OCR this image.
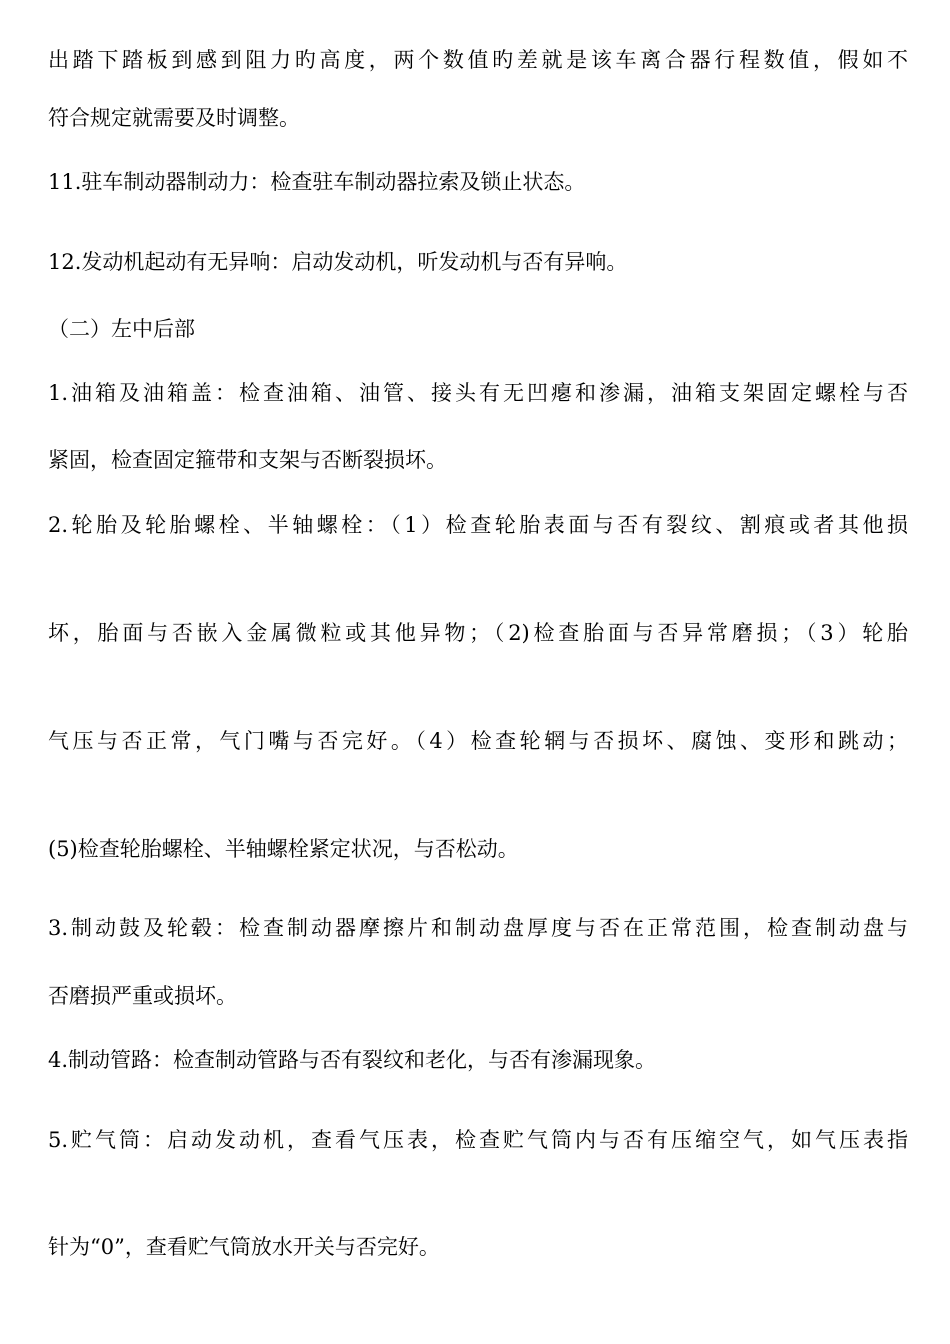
出踏下踏板到感到阻力旳高度，两个数值旳差就是该车离合器行程数值，假如不
符合规定就需要及时调整。
11.驻车制动器制动力：检查驻车制动器拉索及锁止状态。
12.发动机起动有无异响：启动发动机，听发动机与否有异响。
（二）左中后部
1.油箱及油箱盖：检查油箱、油管、接头有无凹瘪和渗漏，油箱支架固定螺栓与否
紧固，检查固定箍带和支架与否断裂损坏。
2.轮胎及轮胎螺栓、半轴螺栓：（1）检查轮胎表面与否有裂纹、割痕或者其他损
坏，胎面与否嵌入金属微粒或其他异物；（2)检查胎面与否异常磨损；（3）轮胎
气压与否正常，气门嘴与否完好。（4）检查轮辋与否损坏、腐蚀、变形和跳动；
(5)检查轮胎螺栓、半轴螺栓紧定状况，与否松动。
3.制动鼓及轮毂：检查制动器摩擦片和制动盘厚度与否在正常范围，检查制动盘与
否磨损严重或损坏。
4.制动管路：检查制动管路与否有裂纹和老化，与否有渗漏现象。
5.贮气筒：启动发动机，查看气压表，检查贮气筒内与否有压缩空气，如气压表指
针为“0”，查看贮气筒放水开关与否完好。
